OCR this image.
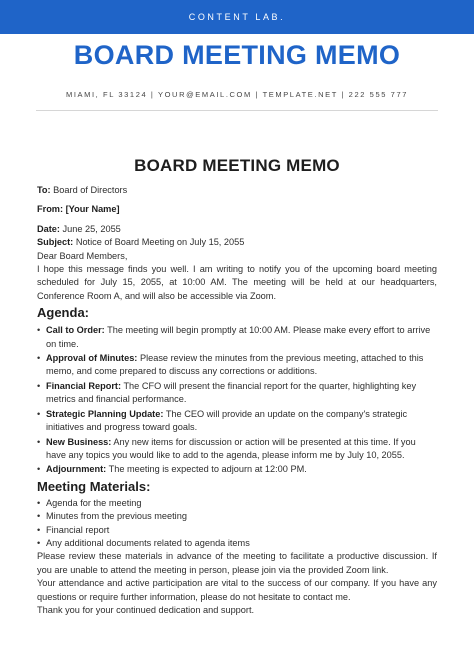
CONTENT LAB.
BOARD MEETING MEMO
MIAMI, FL 33124 | YOUR@EMAIL.COM | TEMPLATE.NET | 222 555 777
BOARD MEETING MEMO
To: Board of Directors
From: [Your Name]
Date: June 25, 2055
Subject: Notice of Board Meeting on July 15, 2055
Dear Board Members,
I hope this message finds you well. I am writing to notify you of the upcoming board meeting scheduled for July 15, 2055, at 10:00 AM. The meeting will be held at our headquarters, Conference Room A, and will also be accessible via Zoom.
Agenda:
• Call to Order: The meeting will begin promptly at 10:00 AM. Please make every effort to arrive on time.
• Approval of Minutes: Please review the minutes from the previous meeting, attached to this memo, and come prepared to discuss any corrections or additions.
• Financial Report: The CFO will present the financial report for the quarter, highlighting key metrics and financial performance.
• Strategic Planning Update: The CEO will provide an update on the company's strategic initiatives and progress toward goals.
• New Business: Any new items for discussion or action will be presented at this time. If you have any topics you would like to add to the agenda, please inform me by July 10, 2055.
• Adjournment: The meeting is expected to adjourn at 12:00 PM.
Meeting Materials:
• Agenda for the meeting
• Minutes from the previous meeting
• Financial report
• Any additional documents related to agenda items
Please review these materials in advance of the meeting to facilitate a productive discussion. If you are unable to attend the meeting in person, please join via the provided Zoom link.
Your attendance and active participation are vital to the success of our company. If you have any questions or require further information, please do not hesitate to contact me.
Thank you for your continued dedication and support.
